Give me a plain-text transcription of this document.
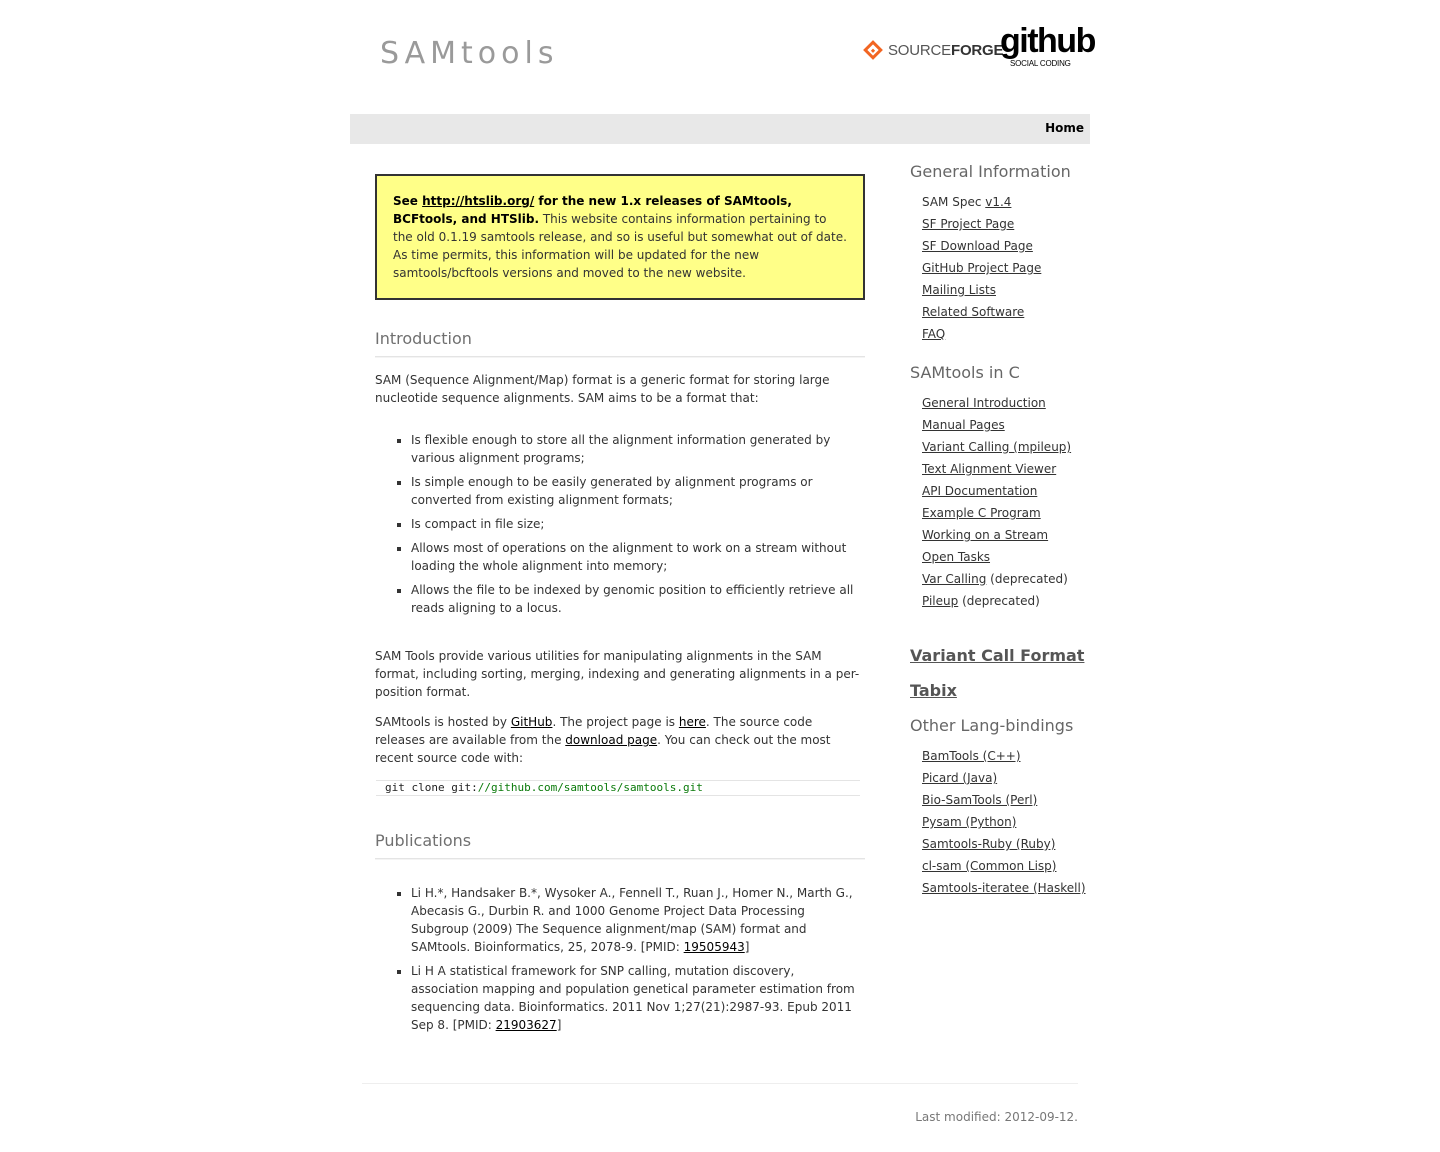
SAMtools	SOURCEFORGE
github
SOCIAL CODING
Home
See http://htslib.org/ for the new 1.x releases of SAMtools, BCFtools, and HTSlib. This website contains information pertaining to the old 0.1.19 samtools release, and so is useful but somewhat out of date. As time permits, this information will be updated for the new samtools/bcftools versions and moved to the new website.
Introduction

SAM (Sequence Alignment/Map) format is a generic format for storing large nucleotide sequence alignments. SAM aims to be a format that:

▪ Is flexible enough to store all the alignment information generated by various alignment programs;
▪ Is simple enough to be easily generated by alignment programs or converted from existing alignment formats;
▪ Is compact in file size;
▪ Allows most of operations on the alignment to work on a stream without loading the whole alignment into memory;
▪ Allows the file to be indexed by genomic position to efficiently retrieve all reads aligning to a locus.

SAM Tools provide various utilities for manipulating alignments in the SAM format, including sorting, merging, indexing and generating alignments in a per-position format.

SAMtools is hosted by GitHub. The project page is here. The source code releases are available from the download page. You can check out the most recent source code with:

git clone git://github.com/samtools/samtools.git
Publications
▪ Li H.*, Handsaker B.*, Wysoker A., Fennell T., Ruan J., Homer N., Marth G., Abecasis G., Durbin R. and 1000 Genome Project Data Processing Subgroup (2009) The Sequence alignment/map (SAM) format and SAMtools. Bioinformatics, 25, 2078-9. [PMID: 19505943]
▪ Li H A statistical framework for SNP calling, mutation discovery, association mapping and population genetical parameter estimation from sequencing data. Bioinformatics. 2011 Nov 1;27(21):2987-93. Epub 2011 Sep 8. [PMID: 21903627]
General Information
SAM Spec v1.4
SF Project Page
SF Download Page
GitHub Project Page
Mailing Lists
Related Software
FAQ
SAMtools in C
General Introduction
Manual Pages
Variant Calling (mpileup)
Text Alignment Viewer
API Documentation
Example C Program
Working on a Stream
Open Tasks
Var Calling (deprecated)
Pileup (deprecated)
Variant Call Format
Tabix
Other Lang-bindings
BamTools (C++)
Picard (Java)
Bio-SamTools (Perl)
Pysam (Python)
Samtools-Ruby (Ruby)
cl-sam (Common Lisp)
Samtools-iteratee (Haskell)
Last modified: 2012-09-12.
